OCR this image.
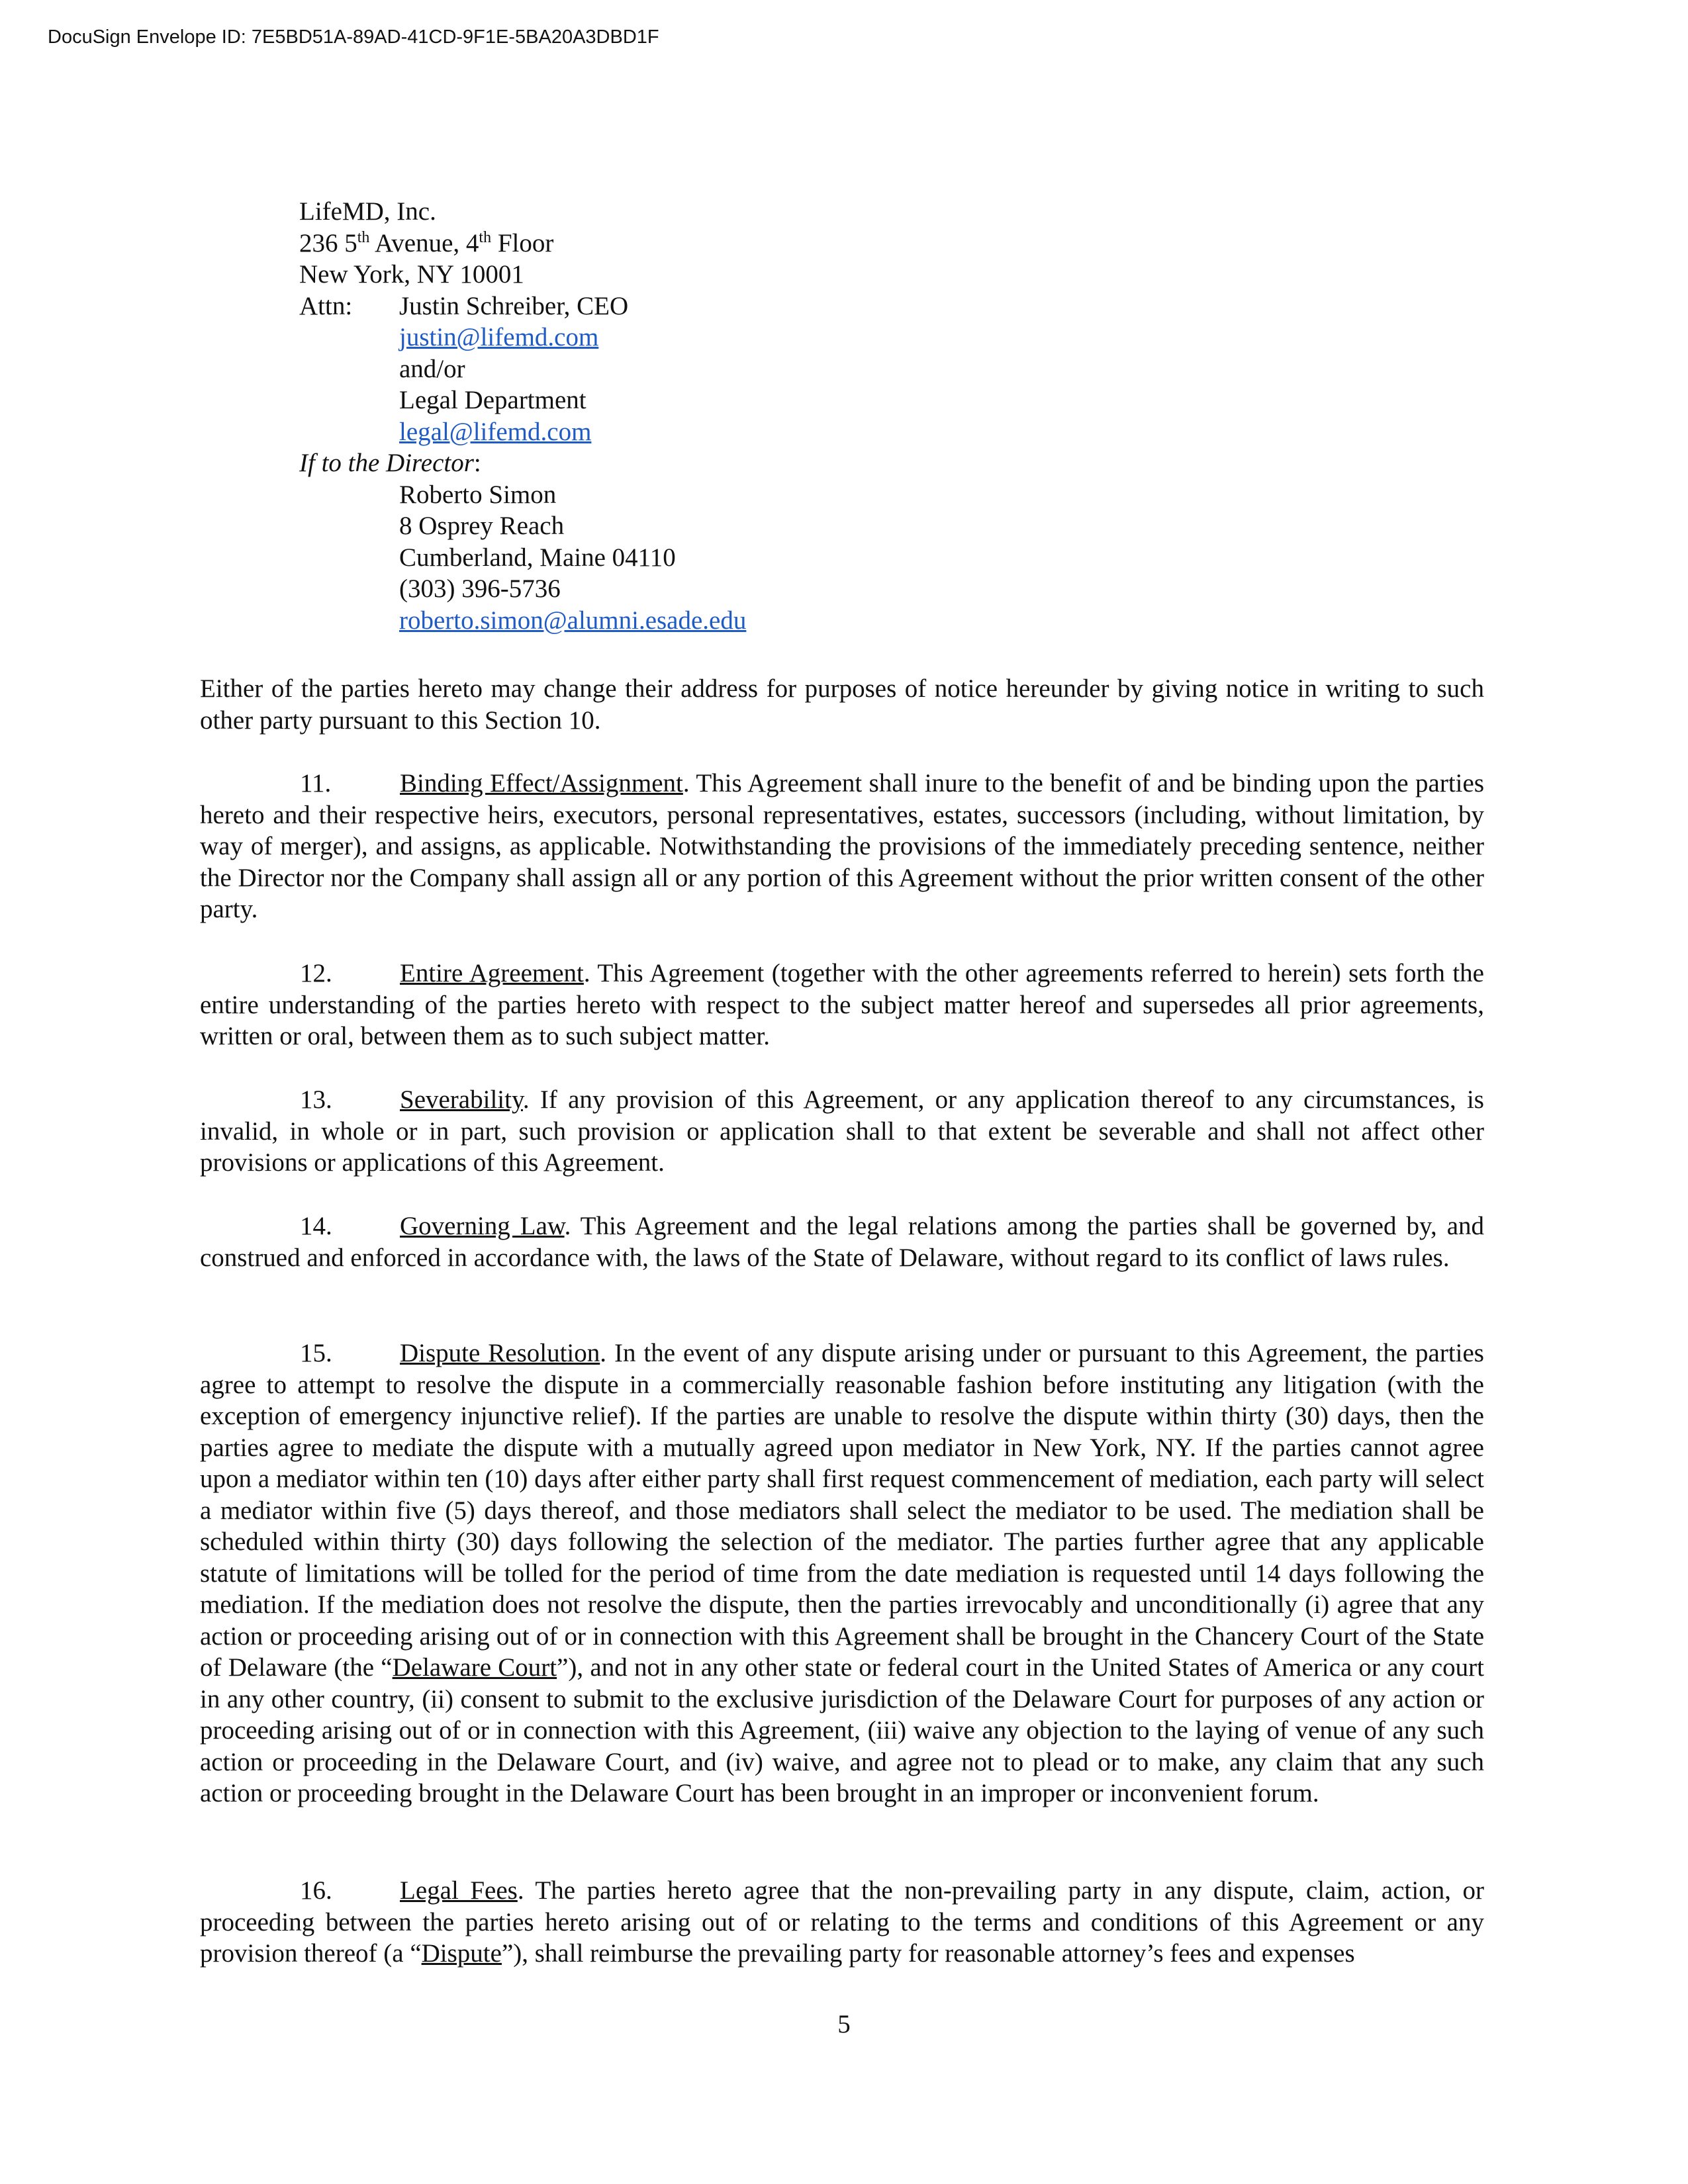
DocuSign Envelope ID: 7E5BD51A-89AD-41CD-9F1E-5BA20A3DBD1F
LifeMD, Inc.
236 5th Avenue, 4th Floor
New York, NY 10001
Attn: Justin Schreiber, CEO
justin@lifemd.com
and/or
Legal Department
legal@lifemd.com
If to the Director:
Roberto Simon
8 Osprey Reach
Cumberland, Maine 04110
(303) 396-5736
roberto.simon@alumni.esade.edu

Either of the parties hereto may change their address for purposes of notice hereunder by giving notice in writing to such other party pursuant to this Section 10.

11.	Binding Effect/Assignment. This Agreement shall inure to the benefit of and be binding upon the parties hereto and their respective heirs, executors, personal representatives, estates, successors (including, without limitation, by way of merger), and assigns, as applicable. Notwithstanding the provisions of the immediately preceding sentence, neither the Director nor the Company shall assign all or any portion of this Agreement without the prior written consent of the other party.

12.	Entire Agreement. This Agreement (together with the other agreements referred to herein) sets forth the entire understanding of the parties hereto with respect to the subject matter hereof and supersedes all prior agreements, written or oral, between them as to such subject matter.

13.	Severability. If any provision of this Agreement, or any application thereof to any circumstances, is invalid, in whole or in part, such provision or application shall to that extent be severable and shall not affect other provisions or applications of this Agreement.

14.	Governing Law. This Agreement and the legal relations among the parties shall be governed by, and construed and enforced in accordance with, the laws of the State of Delaware, without regard to its conflict of laws rules.

15.	Dispute Resolution. In the event of any dispute arising under or pursuant to this Agreement, the parties agree to attempt to resolve the dispute in a commercially reasonable fashion before instituting any litigation (with the exception of emergency injunctive relief). If the parties are unable to resolve the dispute within thirty (30) days, then the parties agree to mediate the dispute with a mutually agreed upon mediator in New York, NY. If the parties cannot agree upon a mediator within ten (10) days after either party shall first request commencement of mediation, each party will select a mediator within five (5) days thereof, and those mediators shall select the mediator to be used. The mediation shall be scheduled within thirty (30) days following the selection of the mediator. The parties further agree that any applicable statute of limitations will be tolled for the period of time from the date mediation is requested until 14 days following the mediation. If the mediation does not resolve the dispute, then the parties irrevocably and unconditionally (i) agree that any action or proceeding arising out of or in connection with this Agreement shall be brought in the Chancery Court of the State of Delaware (the “Delaware Court”), and not in any other state or federal court in the United States of America or any court in any other country, (ii) consent to submit to the exclusive jurisdiction of the Delaware Court for purposes of any action or proceeding arising out of or in connection with this Agreement, (iii) waive any objection to the laying of venue of any such action or proceeding in the Delaware Court, and (iv) waive, and agree not to plead or to make, any claim that any such action or proceeding brought in the Delaware Court has been brought in an improper or inconvenient forum.

16.	Legal Fees. The parties hereto agree that the non-prevailing party in any dispute, claim, action, or proceeding between the parties hereto arising out of or relating to the terms and conditions of this Agreement or any provision thereof (a “Dispute”), shall reimburse the prevailing party for reasonable attorney’s fees and expenses

5
